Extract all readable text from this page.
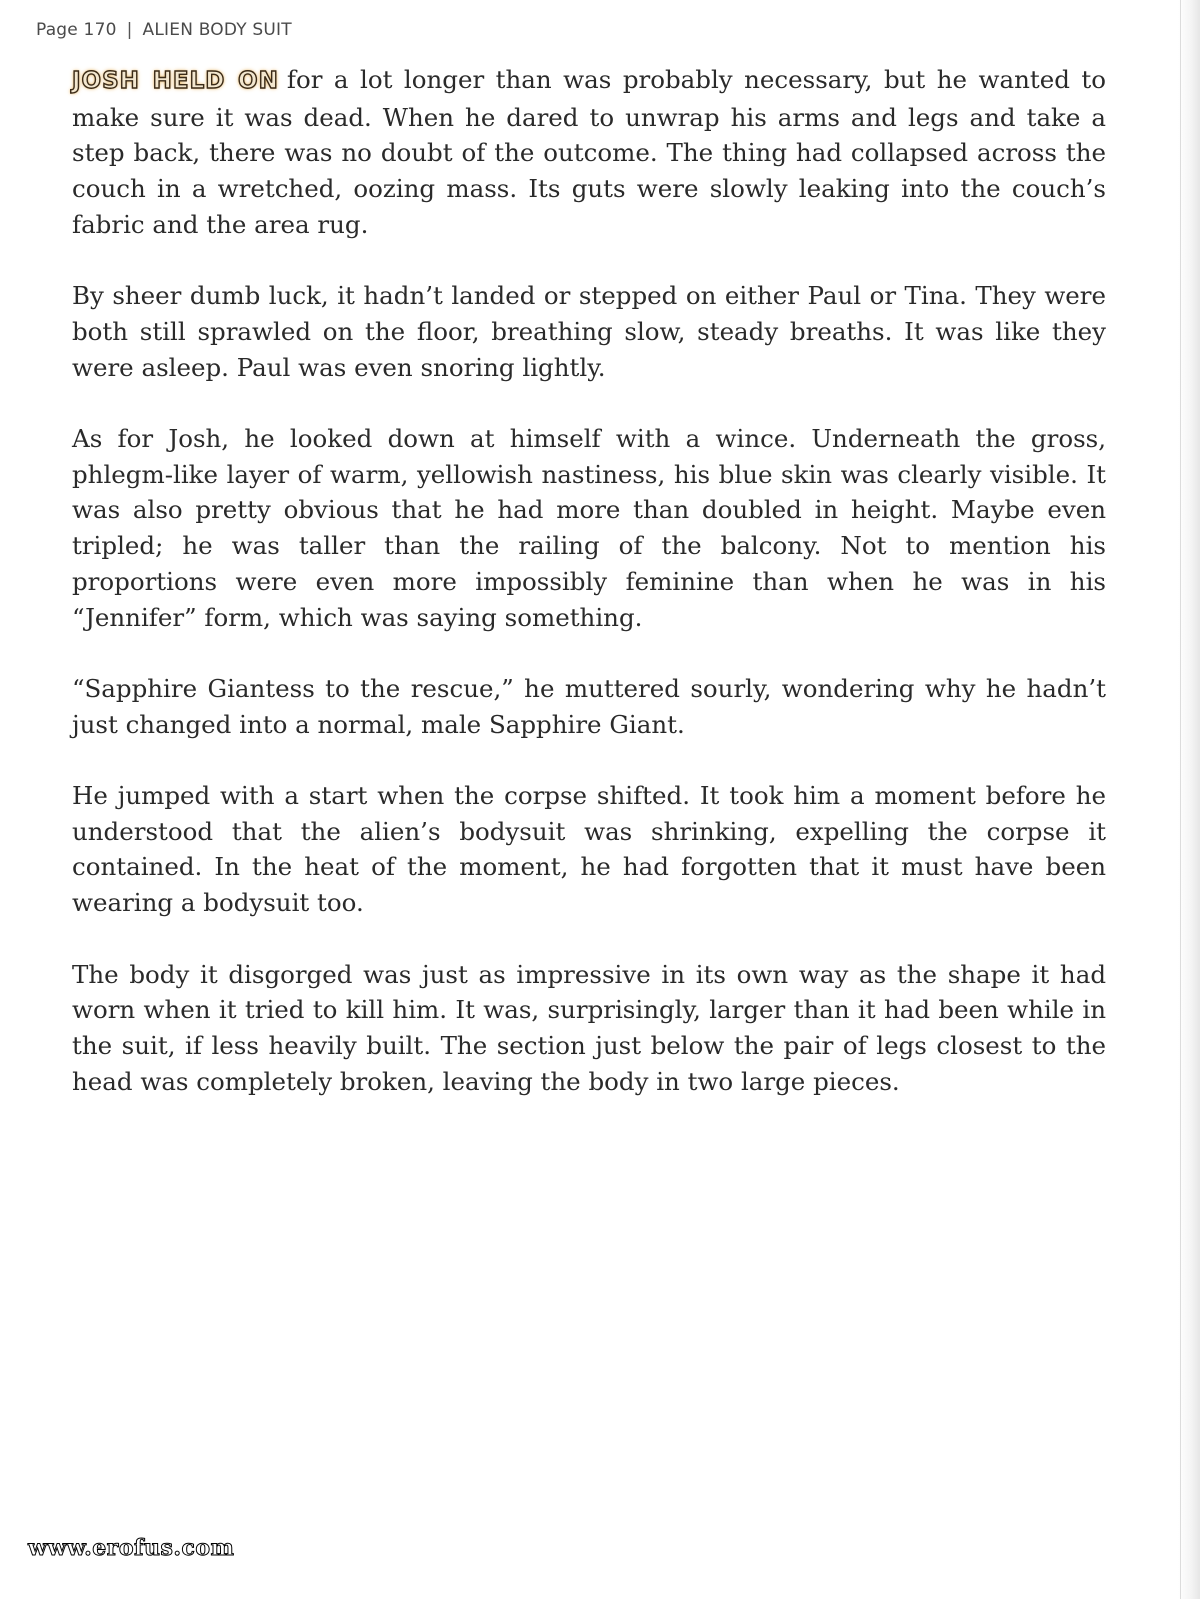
Page 170 | ALIEN BODY SUIT

JOSH HELD ON for a lot longer than was probably necessary, but he wanted to make sure it was dead. When he dared to unwrap his arms and legs and take a step back, there was no doubt of the outcome. The thing had collapsed across the couch in a wretched, oozing mass. Its guts were slowly leaking into the couch’s fabric and the area rug.

By sheer dumb luck, it hadn’t landed or stepped on either Paul or Tina. They were both still sprawled on the floor, breathing slow, steady breaths. It was like they were asleep. Paul was even snoring lightly.

As for Josh, he looked down at himself with a wince. Underneath the gross, phlegm-like layer of warm, yellowish nastiness, his blue skin was clearly visible. It was also pretty obvious that he had more than doubled in height. Maybe even tripled; he was taller than the railing of the balcony. Not to mention his proportions were even more impossibly feminine than when he was in his “Jennifer” form, which was saying something.

“Sapphire Giantess to the rescue,” he muttered sourly, wondering why he hadn’t just changed into a normal, male Sapphire Giant.

He jumped with a start when the corpse shifted. It took him a moment before he understood that the alien’s bodysuit was shrinking, expelling the corpse it contained. In the heat of the moment, he had forgotten that it must have been wearing a bodysuit too.

The body it disgorged was just as impressive in its own way as the shape it had worn when it tried to kill him. It was, surprisingly, larger than it had been while in the suit, if less heavily built. The section just below the pair of legs closest to the head was completely broken, leaving the body in two large pieces.

www.erofus.com
